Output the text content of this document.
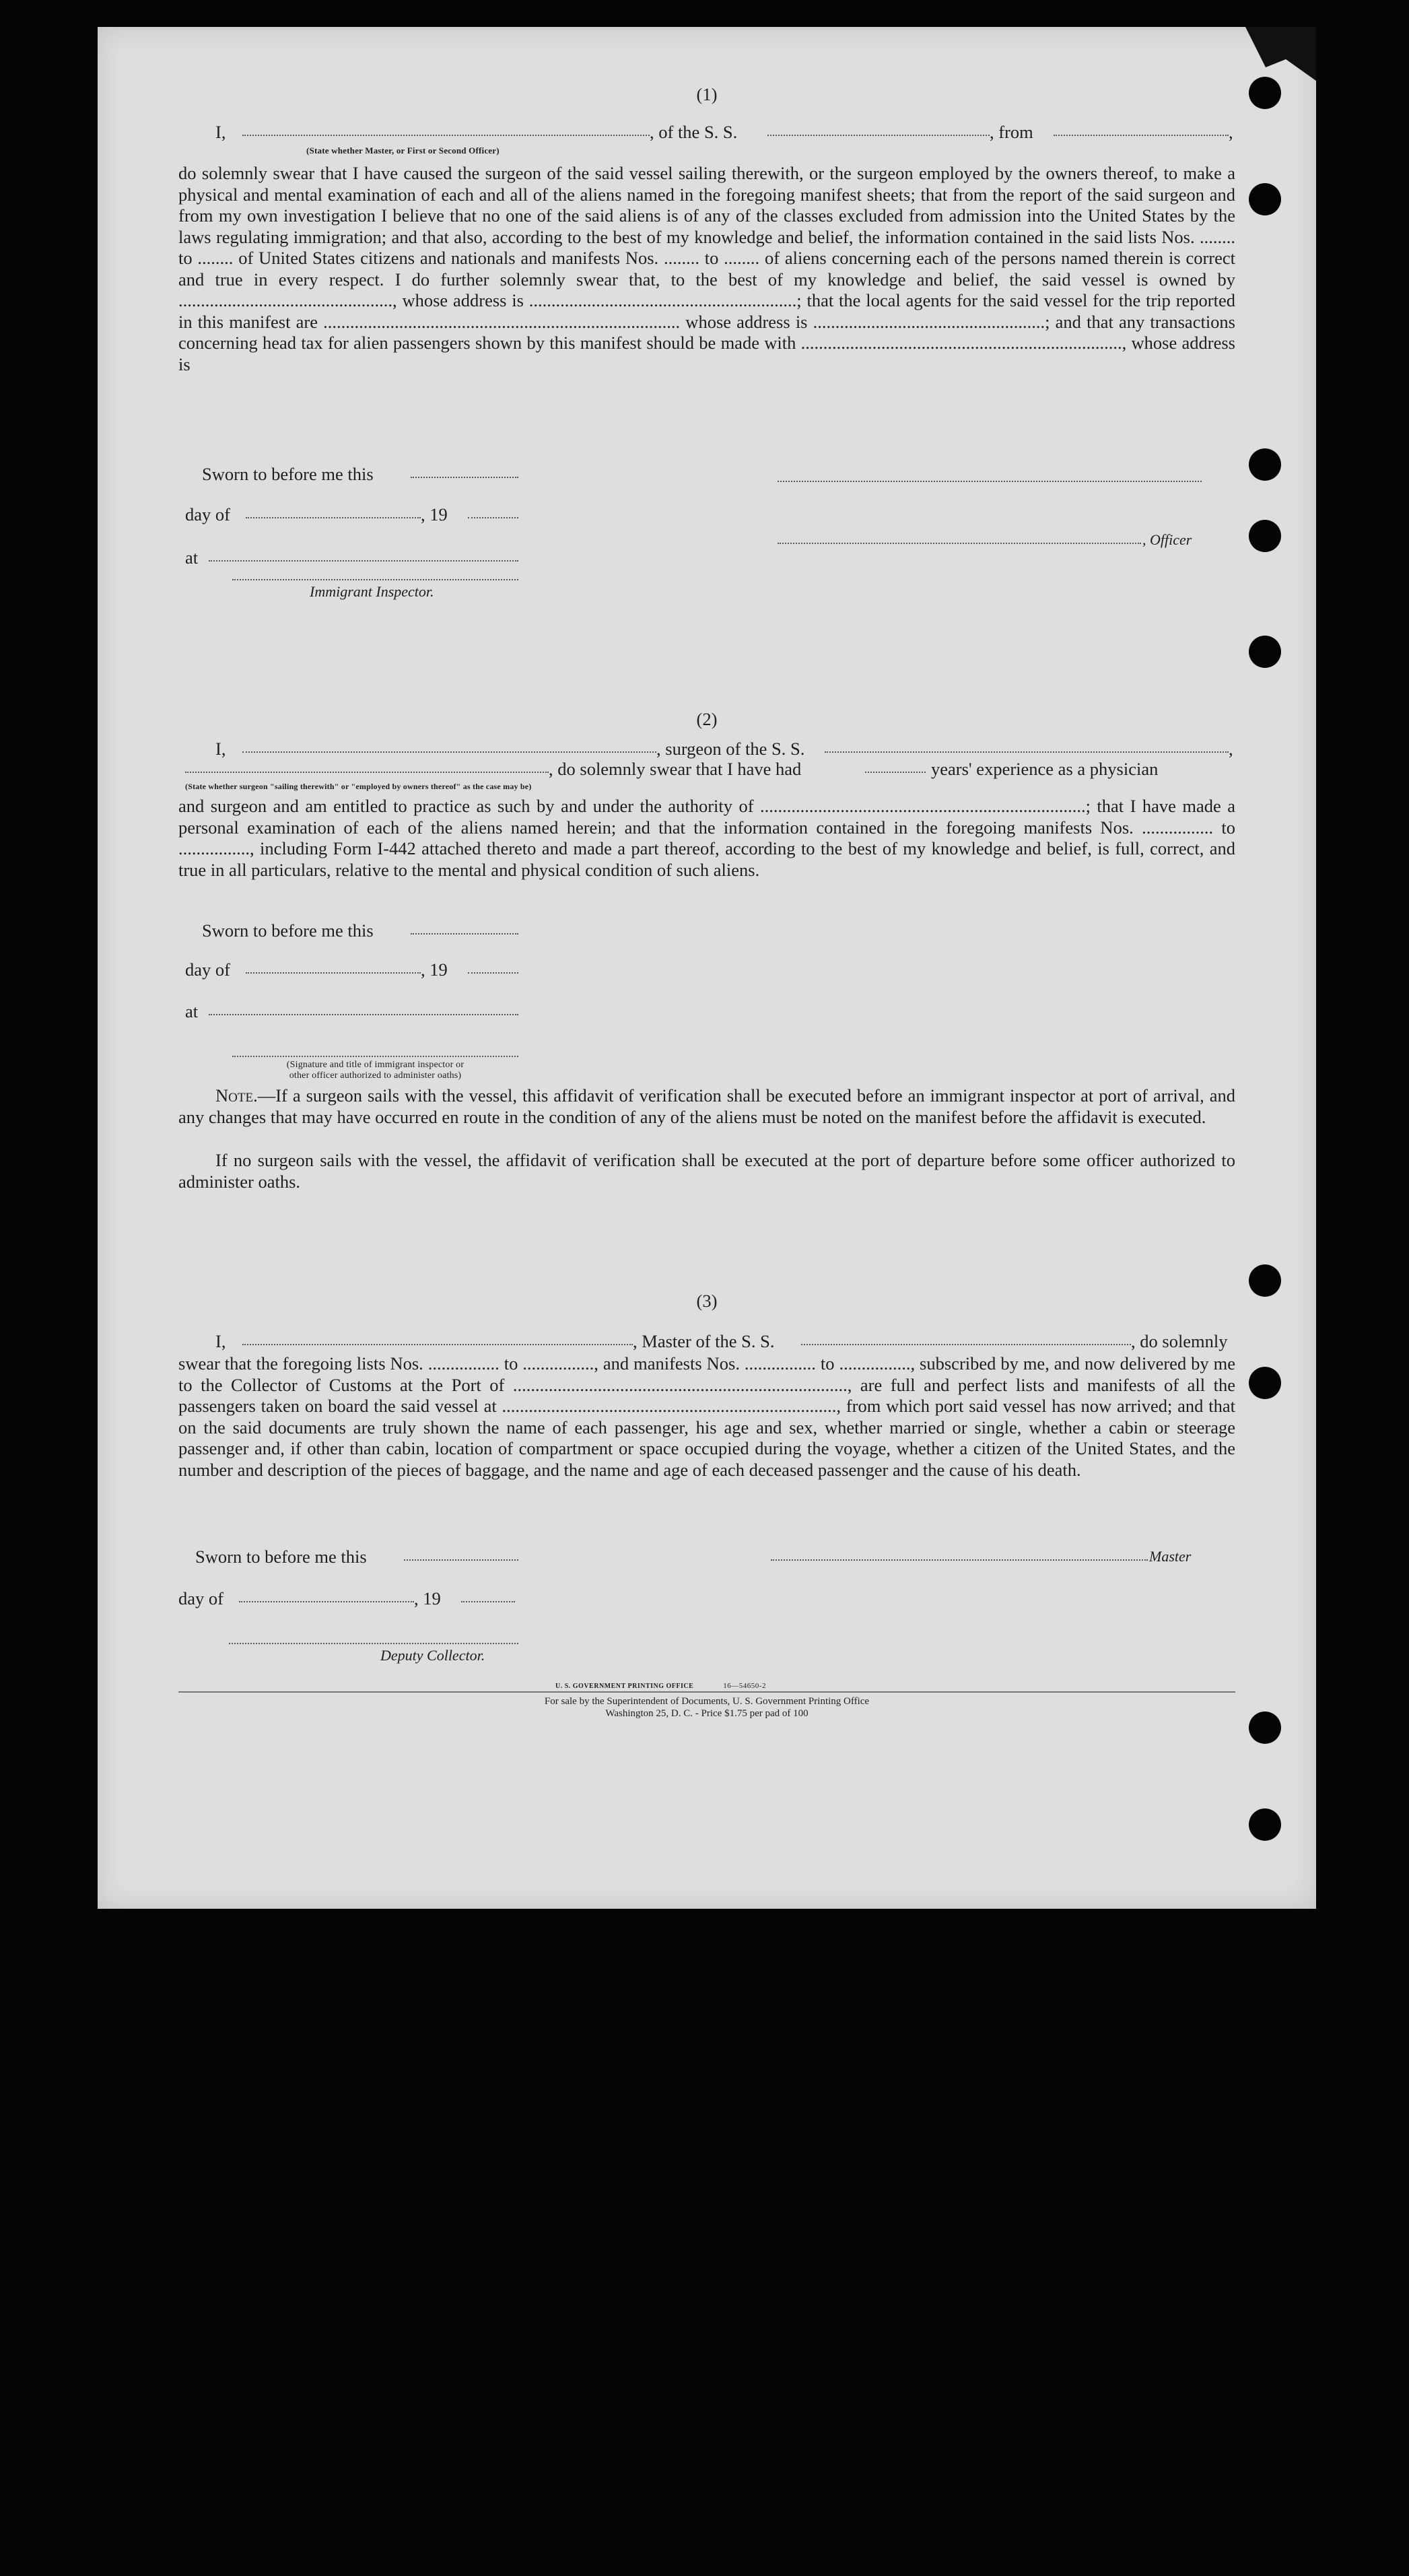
(1)
I,	, of the S. S.	, from	,
(State whether Master, or First or Second Officer)
do solemnly swear that I have caused the surgeon of the said vessel sailing therewith, or the surgeon employed by the owners thereof, to make a physical and mental examination of each and all of the aliens named in the foregoing manifest sheets; that from the report of the said surgeon and from my own investigation I believe that no one of the said aliens is of any of the classes excluded from admission into the United States by the laws regulating immigration; and that also, according to the best of my knowledge and belief, the information contained in the said lists Nos. ........ to ........ of United States citizens and nationals and manifests Nos. ........ to ........ of aliens concerning each of the persons named therein is correct and true in every respect. I do further solemnly swear that, to the best of my knowledge and belief, the said vessel is owned by ................................................, whose address is ............................................................; that the local agents for the said vessel for the trip reported in this manifest are ................................................................................ whose address is ....................................................; and that any transactions concerning head tax for alien passengers shown by this manifest should be made with ........................................................................, whose address is
Sworn to before me this
day of	, 19
, Officer
at
Immigrant Inspector.
(2)
I,	, surgeon of the S. S.	,
, do solemnly swear that I have had	years' experience as a physician
(State whether surgeon "sailing therewith" or "employed by owners thereof" as the case may be)
and surgeon and am entitled to practice as such by and under the authority of .........................................................................; that I have made a personal examination of each of the aliens named herein; and that the information contained in the foregoing manifests Nos. ................ to ................, including Form I-442 attached thereto and made a part thereof, according to the best of my knowledge and belief, is full, correct, and true in all particulars, relative to the mental and physical condition of such aliens.
Sworn to before me this
day of	, 19
at
(Signature and title of immigrant inspector or
other officer authorized to administer oaths)
Note.—If a surgeon sails with the vessel, this affidavit of verification shall be executed before an immigrant inspector at port of arrival, and any changes that may have occurred en route in the condition of any of the aliens must be noted on the manifest before the affidavit is executed.
If no surgeon sails with the vessel, the affidavit of verification shall be executed at the port of departure before some officer authorized to administer oaths.
(3)
I,	, Master of the S. S.	, do solemnly
swear that the foregoing lists Nos. ................ to ................, and manifests Nos. ................ to ................, subscribed by me, and now delivered by me to the Collector of Customs at the Port of ..........................................................................., are full and perfect lists and manifests of all the passengers taken on board the said vessel at ..........................................................................., from which port said vessel has now arrived; and that on the said documents are truly shown the name of each passenger, his age and sex, whether married or single, whether a cabin or steerage passenger and, if other than cabin, location of compartment or space occupied during the voyage, whether a citizen of the United States, and the number and description of the pieces of baggage, and the name and age of each deceased passenger and the cause of his death.
Sworn to before me this	Master
day of	, 19
Deputy Collector.
U. S. GOVERNMENT PRINTING OFFICE	16—54650-2
For sale by the Superintendent of Documents, U. S. Government Printing Office
Washington 25, D. C. - Price $1.75 per pad of 100
